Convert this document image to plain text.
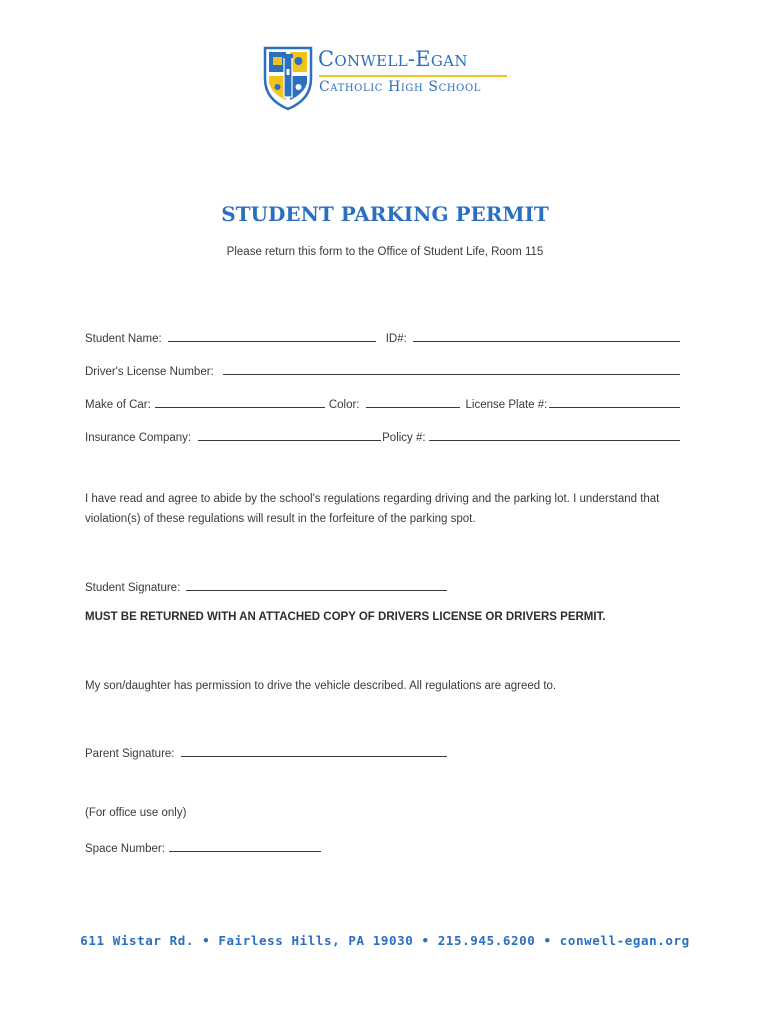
Conwell-Egan
Catholic High School
STUDENT PARKING PERMIT
Please return this form to the Office of Student Life, Room 115
Student Name:	ID#:
Driver's License Number:
Make of Car:	Color:	License Plate #:
Insurance Company:	Policy #:
I have read and agree to abide by the school's regulations regarding driving and the parking lot. I understand that violation(s) of these regulations will result in the forfeiture of the parking spot.
Student Signature:
MUST BE RETURNED WITH AN ATTACHED COPY OF DRIVERS LICENSE OR DRIVERS PERMIT.
My son/daughter has permission to drive the vehicle described. All regulations are agreed to.
Parent Signature:
(For office use only)
Space Number:
611 Wistar Rd. • Fairless Hills, PA 19030 • 215.945.6200 • conwell-egan.org
